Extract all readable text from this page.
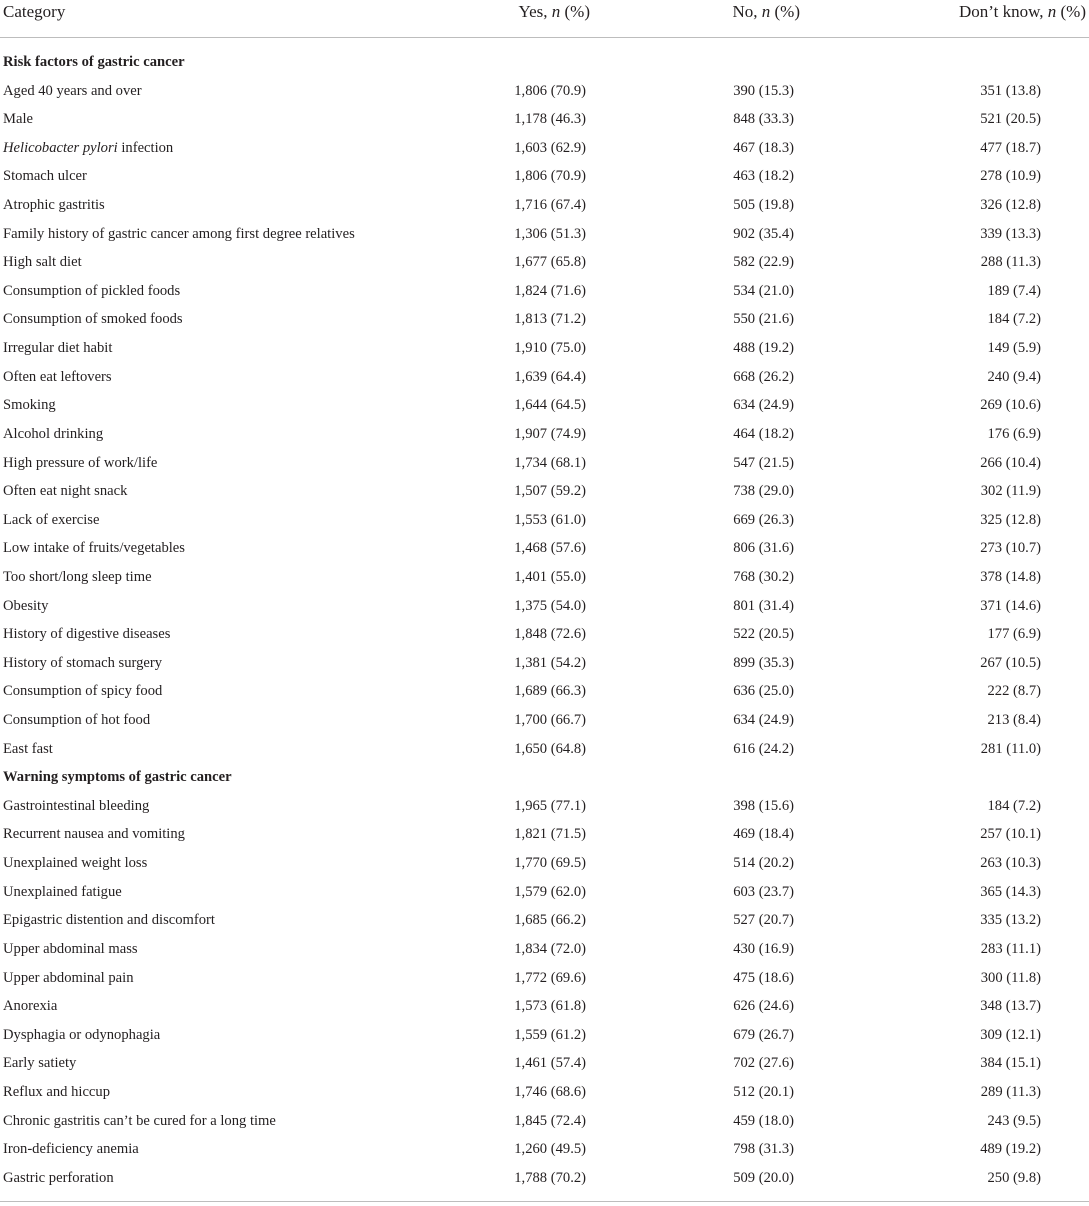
Category	Yes, n (%)	No, n (%)	Don’t know, n (%)
Risk factors of gastric cancer
Aged 40 years and over	1,806 (70.9)	390 (15.3)	351 (13.8)
Male	1,178 (46.3)	848 (33.3)	521 (20.5)
Helicobacter pylori infection	1,603 (62.9)	467 (18.3)	477 (18.7)
Stomach ulcer	1,806 (70.9)	463 (18.2)	278 (10.9)
Atrophic gastritis	1,716 (67.4)	505 (19.8)	326 (12.8)
Family history of gastric cancer among first degree relatives	1,306 (51.3)	902 (35.4)	339 (13.3)
High salt diet	1,677 (65.8)	582 (22.9)	288 (11.3)
Consumption of pickled foods	1,824 (71.6)	534 (21.0)	189 (7.4)
Consumption of smoked foods	1,813 (71.2)	550 (21.6)	184 (7.2)
Irregular diet habit	1,910 (75.0)	488 (19.2)	149 (5.9)
Often eat leftovers	1,639 (64.4)	668 (26.2)	240 (9.4)
Smoking	1,644 (64.5)	634 (24.9)	269 (10.6)
Alcohol drinking	1,907 (74.9)	464 (18.2)	176 (6.9)
High pressure of work/life	1,734 (68.1)	547 (21.5)	266 (10.4)
Often eat night snack	1,507 (59.2)	738 (29.0)	302 (11.9)
Lack of exercise	1,553 (61.0)	669 (26.3)	325 (12.8)
Low intake of fruits/vegetables	1,468 (57.6)	806 (31.6)	273 (10.7)
Too short/long sleep time	1,401 (55.0)	768 (30.2)	378 (14.8)
Obesity	1,375 (54.0)	801 (31.4)	371 (14.6)
History of digestive diseases	1,848 (72.6)	522 (20.5)	177 (6.9)
History of stomach surgery	1,381 (54.2)	899 (35.3)	267 (10.5)
Consumption of spicy food	1,689 (66.3)	636 (25.0)	222 (8.7)
Consumption of hot food	1,700 (66.7)	634 (24.9)	213 (8.4)
East fast	1,650 (64.8)	616 (24.2)	281 (11.0)
Warning symptoms of gastric cancer
Gastrointestinal bleeding	1,965 (77.1)	398 (15.6)	184 (7.2)
Recurrent nausea and vomiting	1,821 (71.5)	469 (18.4)	257 (10.1)
Unexplained weight loss	1,770 (69.5)	514 (20.2)	263 (10.3)
Unexplained fatigue	1,579 (62.0)	603 (23.7)	365 (14.3)
Epigastric distention and discomfort	1,685 (66.2)	527 (20.7)	335 (13.2)
Upper abdominal mass	1,834 (72.0)	430 (16.9)	283 (11.1)
Upper abdominal pain	1,772 (69.6)	475 (18.6)	300 (11.8)
Anorexia	1,573 (61.8)	626 (24.6)	348 (13.7)
Dysphagia or odynophagia	1,559 (61.2)	679 (26.7)	309 (12.1)
Early satiety	1,461 (57.4)	702 (27.6)	384 (15.1)
Reflux and hiccup	1,746 (68.6)	512 (20.1)	289 (11.3)
Chronic gastritis can’t be cured for a long time	1,845 (72.4)	459 (18.0)	243 (9.5)
Iron-deficiency anemia	1,260 (49.5)	798 (31.3)	489 (19.2)
Gastric perforation	1,788 (70.2)	509 (20.0)	250 (9.8)
